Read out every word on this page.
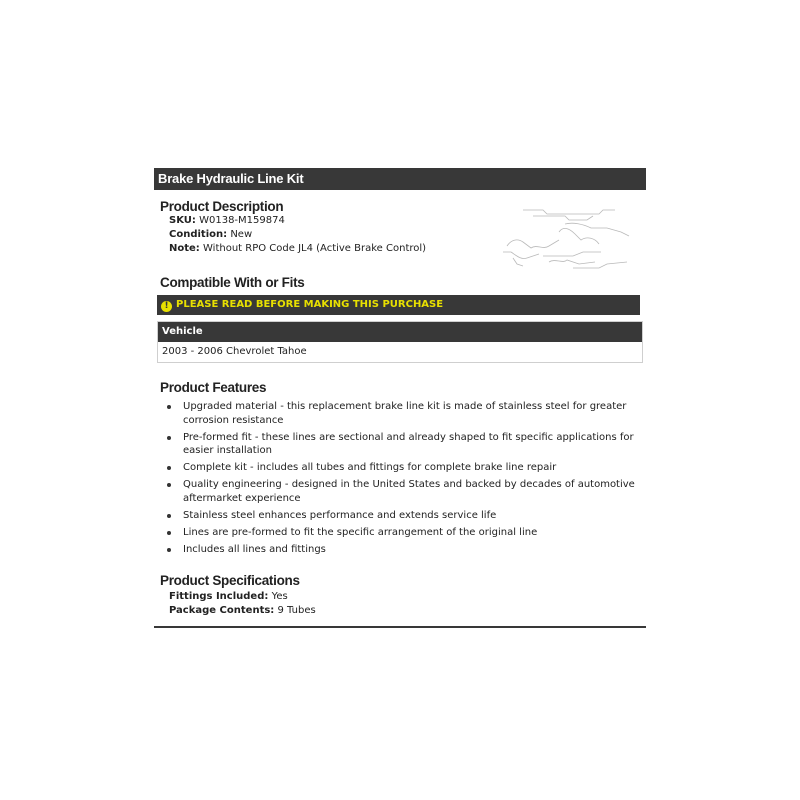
Brake Hydraulic Line Kit
Product Description
SKU: W0138-M159874
Condition: New
Note: Without RPO Code JL4 (Active Brake Control)
Compatible With or Fits
! PLEASE READ BEFORE MAKING THIS PURCHASE
Vehicle
2003 - 2006 Chevrolet Tahoe
Product Features
Upgraded material - this replacement brake line kit is made of stainless steel for greater corrosion resistance
Pre-formed fit - these lines are sectional and already shaped to fit specific applications for easier installation
Complete kit - includes all tubes and fittings for complete brake line repair
Quality engineering - designed in the United States and backed by decades of automotive aftermarket experience
Stainless steel enhances performance and extends service life
Lines are pre-formed to fit the specific arrangement of the original line
Includes all lines and fittings
Product Specifications
Fittings Included: Yes
Package Contents: 9 Tubes
